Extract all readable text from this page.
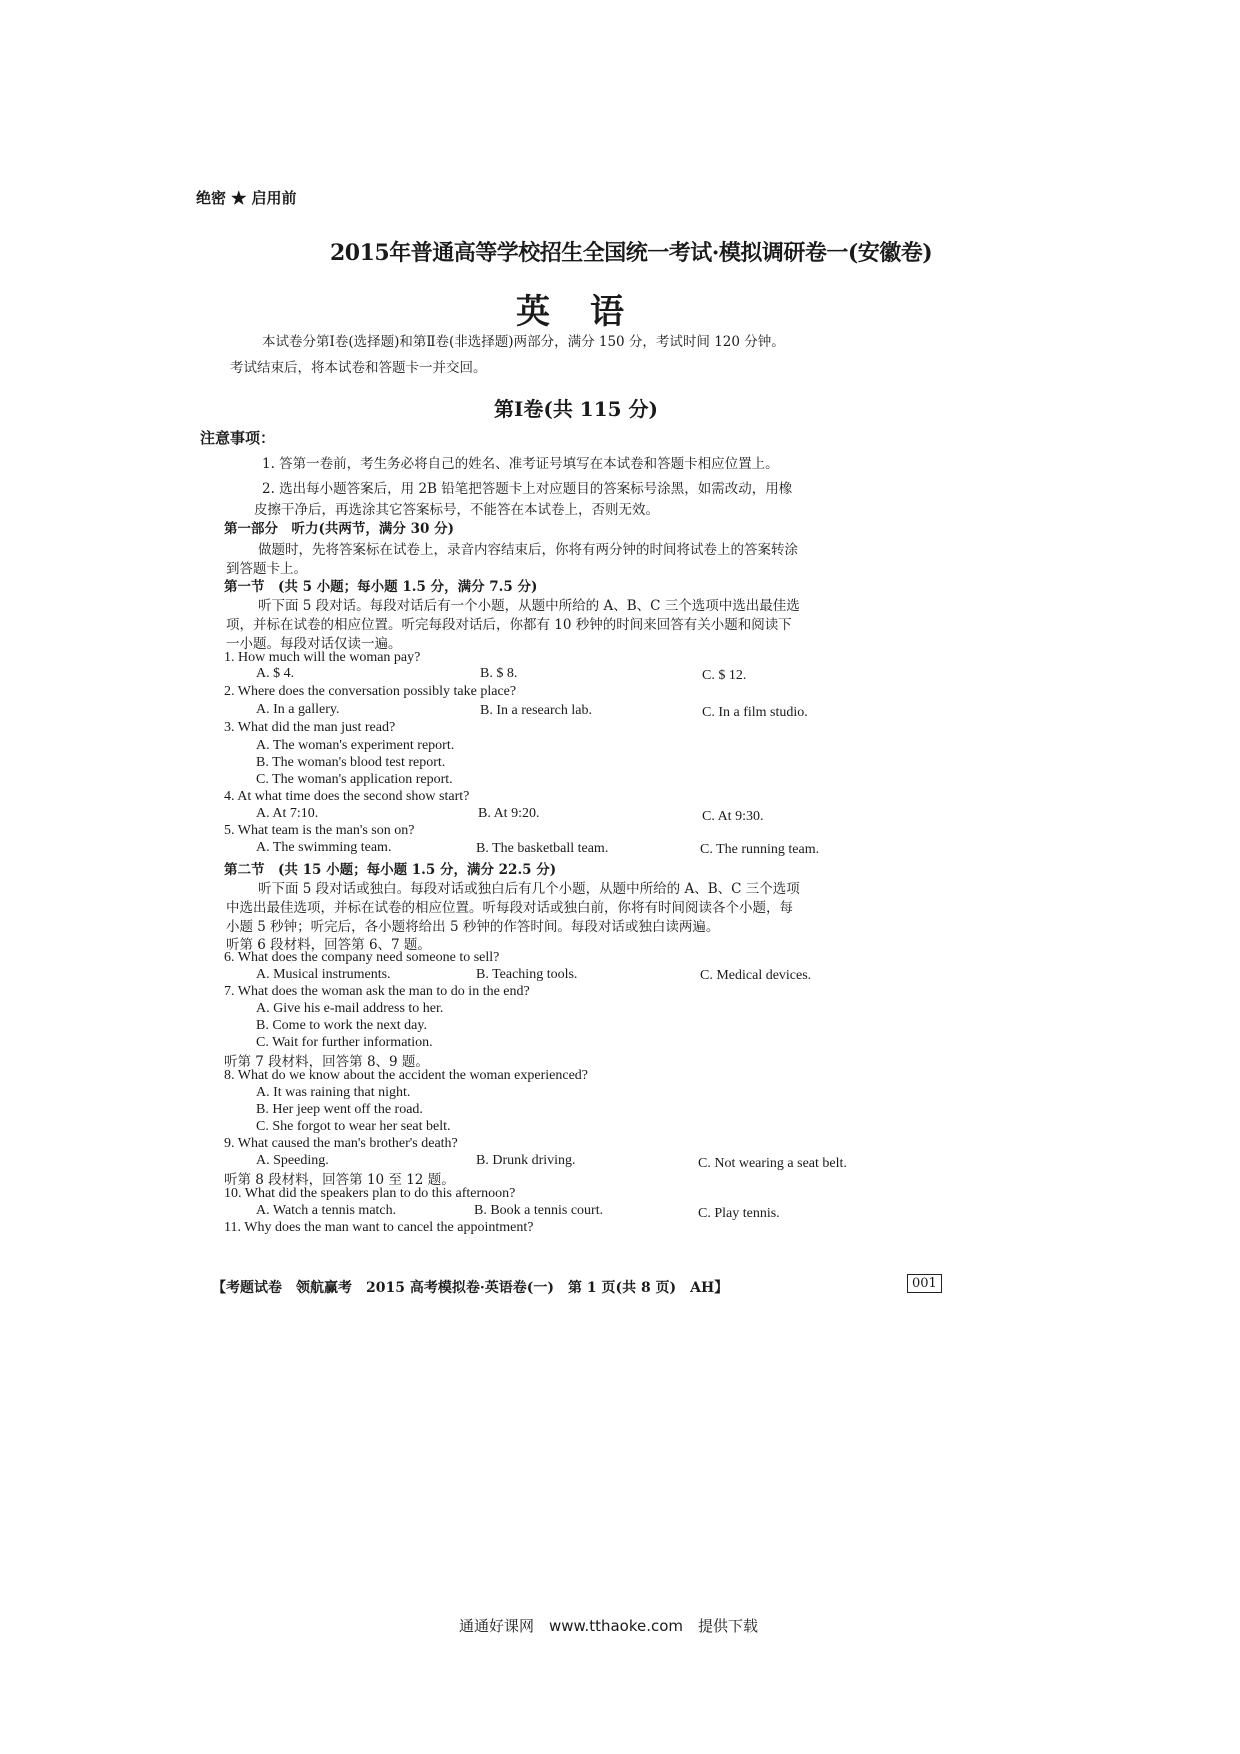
绝密 ★ 启用前
2015年普通高等学校招生全国统一考试·模拟调研卷一(安徽卷)
英语
本试卷分第Ⅰ卷(选择题)和第Ⅱ卷(非选择题)两部分，满分 150 分，考试时间 120 分钟。
考试结束后，将本试卷和答题卡一并交回。
第Ⅰ卷(共 115 分)
注意事项：
1. 答第一卷前，考生务必将自己的姓名、准考证号填写在本试卷和答题卡相应位置上。
2. 选出每小题答案后，用 2B 铅笔把答题卡上对应题目的答案标号涂黑，如需改动，用橡
皮擦干净后，再选涂其它答案标号，不能答在本试卷上，否则无效。
第一部分　听力(共两节，满分 30 分)
做题时，先将答案标在试卷上，录音内容结束后，你将有两分钟的时间将试卷上的答案转涂
到答题卡上。
第一节　(共 5 小题；每小题 1.5 分，满分 7.5 分)
听下面 5 段对话。每段对话后有一个小题，从题中所给的 A、B、C 三个选项中选出最佳选
项，并标在试卷的相应位置。听完每段对话后，你都有 10 秒钟的时间来回答有关小题和阅读下
一小题。每段对话仅读一遍。
1. How much will the woman pay?
A. $ 4.	B. $ 8.	C. $ 12.
2. Where does the conversation possibly take place?
A. In a gallery.	B. In a research lab.	C. In a film studio.
3. What did the man just read?
A. The woman's experiment report.
B. The woman's blood test report.
C. The woman's application report.
4. At what time does the second show start?
A. At 7:10.	B. At 9:20.	C. At 9:30.
5. What team is the man's son on?
A. The swimming team.	B. The basketball team.	C. The running team.
第二节　(共 15 小题；每小题 1.5 分，满分 22.5 分)
听下面 5 段对话或独白。每段对话或独白后有几个小题，从题中所给的 A、B、C 三个选项
中选出最佳选项，并标在试卷的相应位置。听每段对话或独白前，你将有时间阅读各个小题，每
小题 5 秒钟；听完后，各小题将给出 5 秒钟的作答时间。每段对话或独白读两遍。
听第 6 段材料，回答第 6、7 题。
6. What does the company need someone to sell?
A. Musical instruments.	B. Teaching tools.	C. Medical devices.
7. What does the woman ask the man to do in the end?
A. Give his e-mail address to her.
B. Come to work the next day.
C. Wait for further information.
听第 7 段材料，回答第 8、9 题。
8. What do we know about the accident the woman experienced?
A. It was raining that night.
B. Her jeep went off the road.
C. She forgot to wear her seat belt.
9. What caused the man's brother's death?
A. Speeding.	B. Drunk driving.	C. Not wearing a seat belt.
听第 8 段材料，回答第 10 至 12 题。
10. What did the speakers plan to do this afternoon?
A. Watch a tennis match.	B. Book a tennis court.	C. Play tennis.
11. Why does the man want to cancel the appointment?
【考题试卷　领航赢考　2015 高考模拟卷·英语卷(一)　第 1 页(共 8 页)　AH】	001
通通好课网　www.tthaoke.com　提供下载
